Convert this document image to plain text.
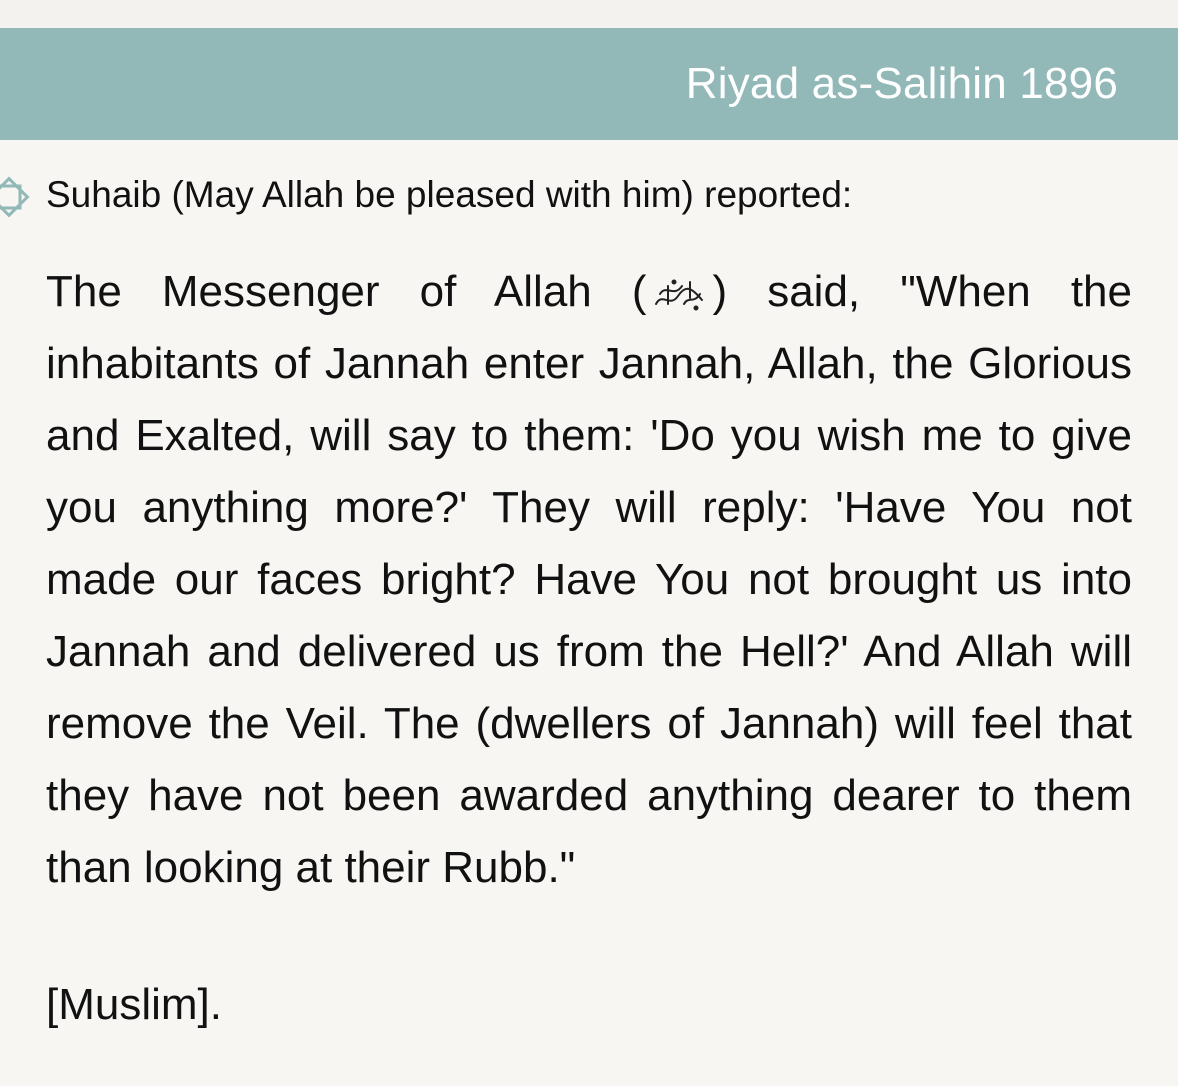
Riyad as-Salihin 1896
Suhaib (May Allah be pleased with him) reported:
The Messenger of Allah ( ) said, "When the inhabitants of Jannah enter Jannah, Allah, the Glorious and Exalted, will say to them: 'Do you wish me to give you anything more?' They will reply: 'Have You not made our faces bright? Have You not brought us into Jannah and delivered us from the Hell?' And Allah will remove the Veil. The (dwellers of Jannah) will feel that they have not been awarded anything dearer to them than looking at their Rubb."
[Muslim].
